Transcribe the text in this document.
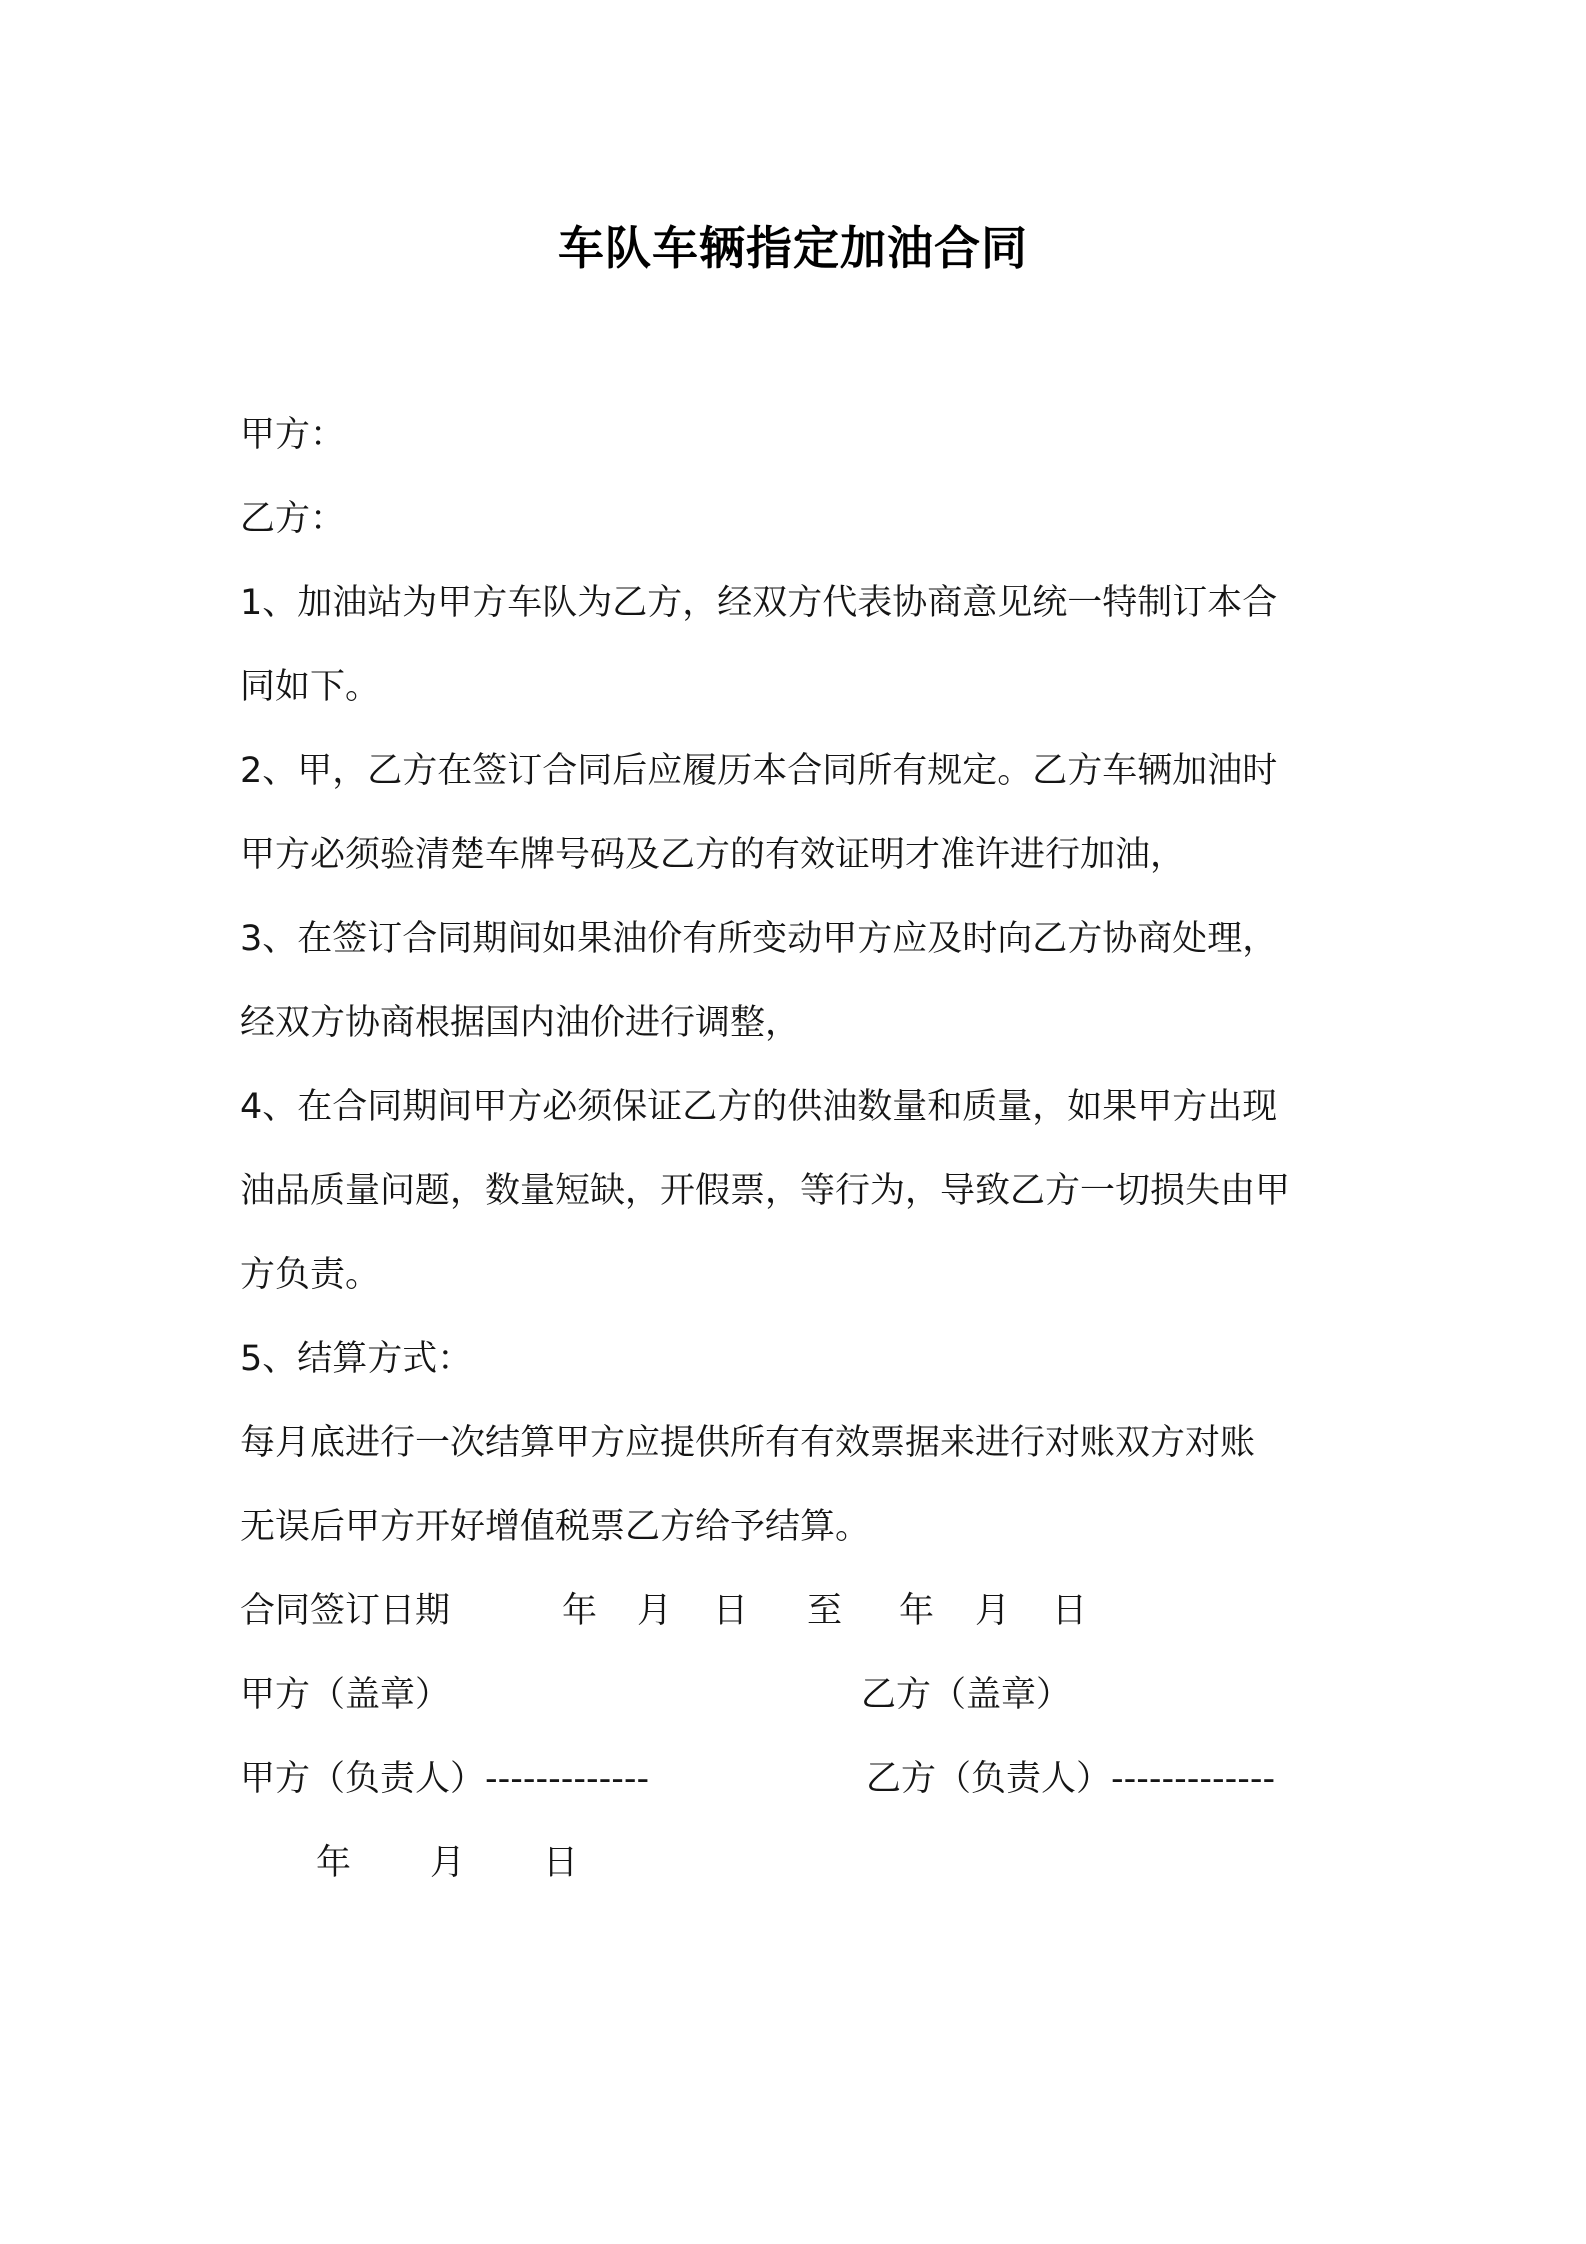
车队车辆指定加油合同
甲方：
乙方：
1、加油站为甲方车队为乙方，经双方代表协商意见统一特制订本合
同如下。
2、甲，乙方在签订合同后应履历本合同所有规定。乙方车辆加油时
甲方必须验清楚车牌号码及乙方的有效证明才准许进行加油，
3、在签订合同期间如果油价有所变动甲方应及时向乙方协商处理，
经双方协商根据国内油价进行调整，
4、在合同期间甲方必须保证乙方的供油数量和质量，如果甲方出现
油品质量问题，数量短缺，开假票，等行为，导致乙方一切损失由甲
方负责。
5、结算方式：
每月底进行一次结算甲方应提供所有有效票据来进行对账双方对账
无误后甲方开好增值税票乙方给予结算。
合同签订日期	年 月 日 至 年 月 日
甲方（盖章）	乙方（盖章）
甲方（负责人）-------------	乙方（负责人）-------------
年 月 日
